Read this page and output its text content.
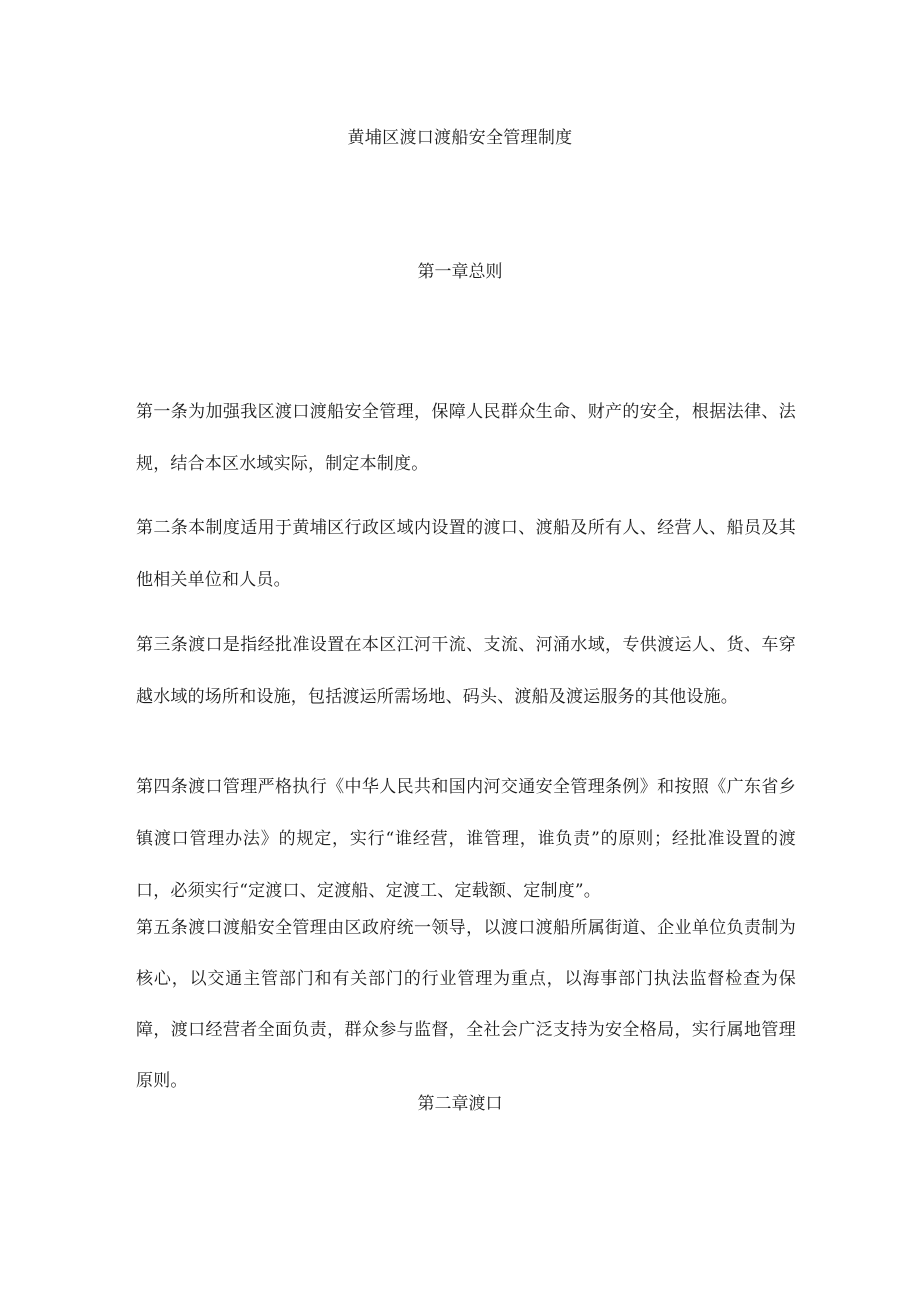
黄埔区渡口渡船安全管理制度
第一章总则

第一条为加强我区渡口渡船安全管理，保障人民群众生命、财产的安全，根据法律、法规，结合本区水域实际，制定本制度。

第二条本制度适用于黄埔区行政区域内设置的渡口、渡船及所有人、经营人、船员及其他相关单位和人员。

第三条渡口是指经批准设置在本区江河干流、支流、河涌水域，专供渡运人、货、车穿越水域的场所和设施，包括渡运所需场地、码头、渡船及渡运服务的其他设施。

第四条渡口管理严格执行《中华人民共和国内河交通安全管理条例》和按照《广东省乡镇渡口管理办法》的规定，实行“谁经营，谁管理，谁负责”的原则；经批准设置的渡口，必须实行“定渡口、定渡船、定渡工、定载额、定制度”。

第五条渡口渡船安全管理由区政府统一领导，以渡口渡船所属街道、企业单位负责制为核心，以交通主管部门和有关部门的行业管理为重点，以海事部门执法监督检查为保障，渡口经营者全面负责，群众参与监督，全社会广泛支持为安全格局，实行属地管理原则。

第二章渡口
